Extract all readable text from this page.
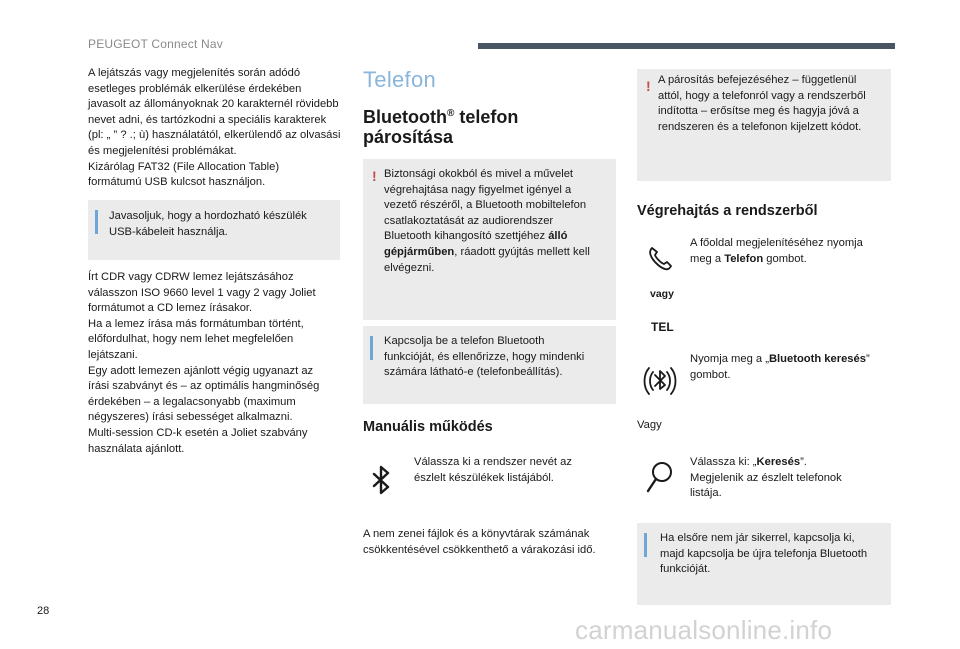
PEUGEOT Connect Nav

A lejátszás vagy megjelenítés során adódó

esetleges problémák elkerülése érdekében

javasolt az állományoknak 20 karakternél rövidebb

nevet adni, és tartózkodni a speciális karakterek

(pl: „ ” ? .; ù) használatától, elkerülendő az olvasási

és megjelenítési problémákat.

Kizárólag FAT32 (File Allocation Table)

formátumú USB kulcsot használjon.

Javasoljuk, hogy a hordozható készülék

USB-kábeleit használja.

Írt CDR vagy CDRW lemez lejátszásához

válasszon ISO 9660 level 1 vagy 2 vagy Joliet

formátumot a CD lemez írásakor.

Ha a lemez írása más formátumban történt,

előfordulhat, hogy nem lehet megfelelően

lejátszani.

Egy adott lemezen ajánlott végig ugyanazt az

írási szabványt és – az optimális hangminőség

érdekében – a legalacsonyabb (maximum

négyszeres) írási sebességet alkalmazni.

Multi-session CD-k esetén a Joliet szabvány

használata ajánlott.

Telefon
Bluetooth® telefon
párosítása
! Biztonsági okokból és mivel a művelet

végrehajtása nagy figyelmet igényel a

vezető részéről, a Bluetooth mobiltelefon

csatlakoztatását az audiorendszer

Bluetooth kihangosító szettjéhez álló

gépjárműben, ráadott gyújtás mellett kell

elvégezni.

Kapcsolja be a telefon Bluetooth

funkcióját, és ellenőrizze, hogy mindenki

számára látható-e (telefonbeállítás).

Manuális működés

Válassza ki a rendszer nevét az

észlelt készülékek listájából.

A nem zenei fájlok és a könyvtárak számának

csökkentésével csökkenthető a várakozási idő.

! A párosítás befejezéséhez – függetlenül

attól, hogy a telefonról vagy a rendszerből

indította – erősítse meg és hagyja jóvá a

rendszeren és a telefonon kijelzett kódot.

Végrehajtás a rendszerből

A főoldal megjelenítéséhez nyomja

meg a Telefon gombot.

vagy
TEL

Nyomja meg a „Bluetooth keresés”

gombot.

Vagy

Válassza ki: „Keresés”.

Megjelenik az észlelt telefonok

listája.

Ha elsőre nem jár sikerrel, kapcsolja ki,

majd kapcsolja be újra telefonja Bluetooth

funkcióját.

28
carmanualsonline.info
